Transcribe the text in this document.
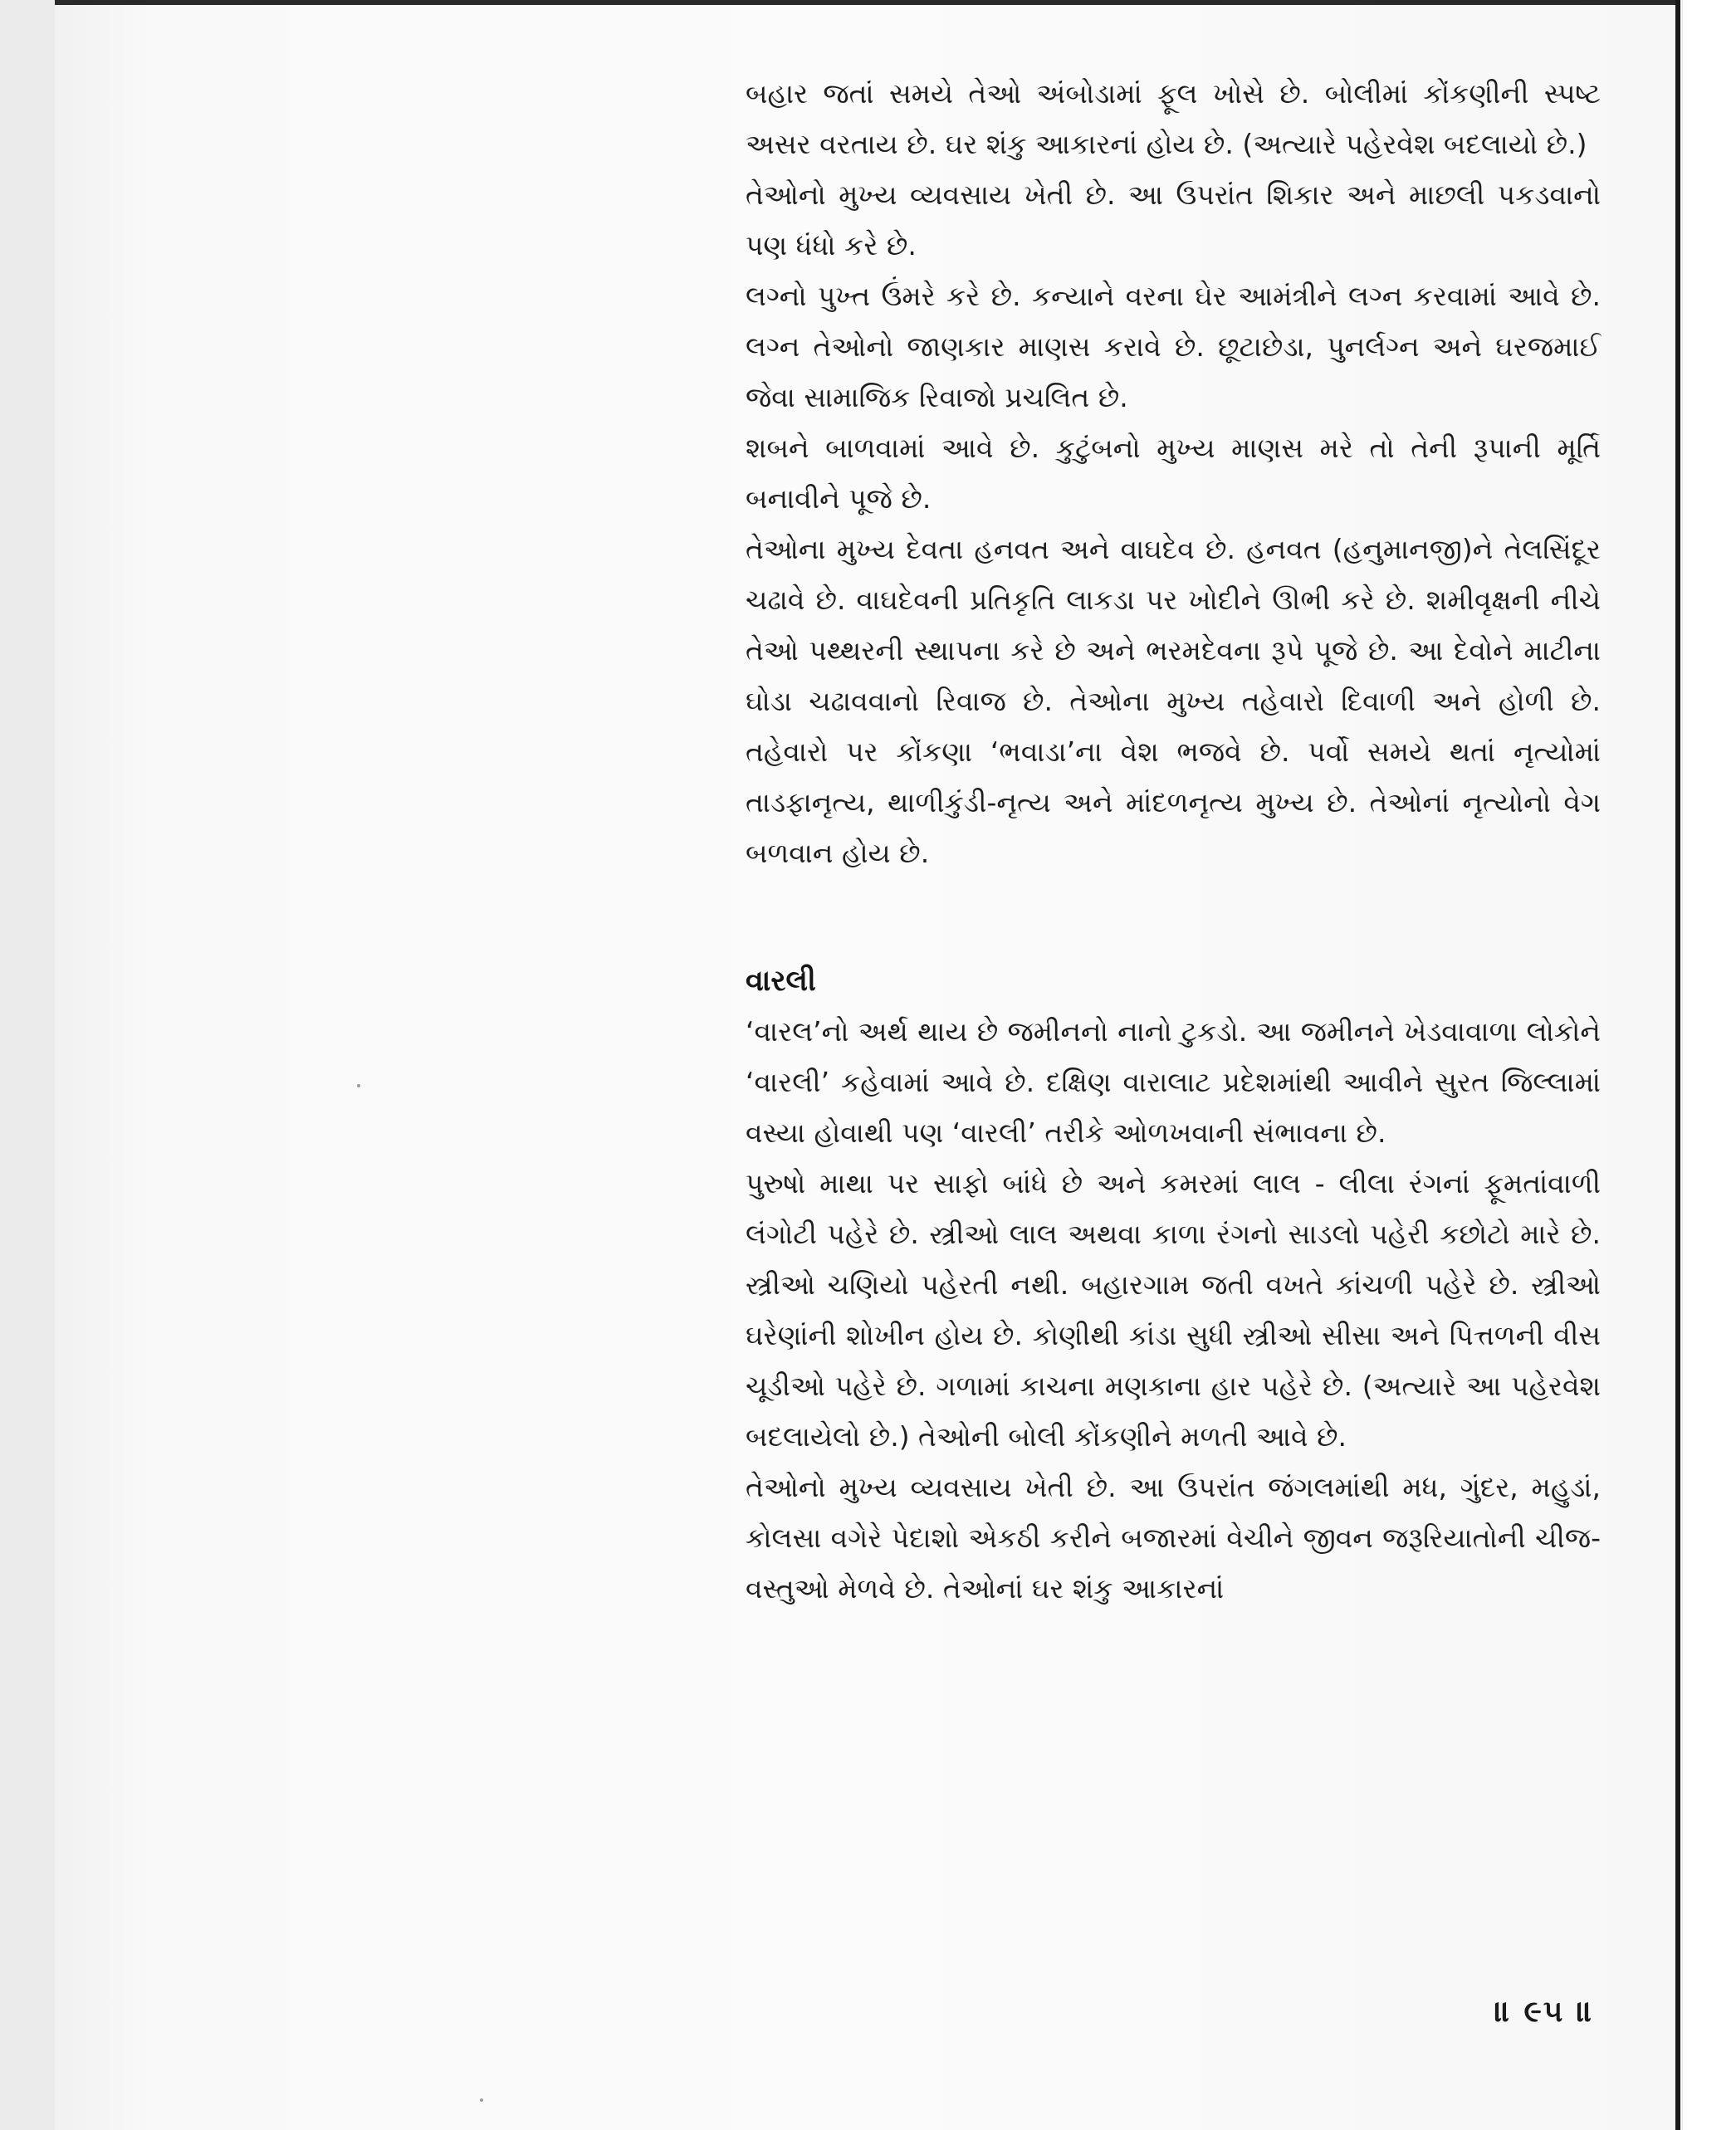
બહાર જતાં સમયે તેઓ અંબોડામાં ફૂલ ખોસે છે. બોલીમાં કોંકણીની સ્પષ્ટ અસર વરતાય છે. ઘર શંકુ આકારનાં હોય છે. (અત્યારે પહેરવેશ બદલાયો છે.)

તેઓનો મુખ્ય વ્યવસાય ખેતી છે. આ ઉપરાંત શિકાર અને માછલી પકડવાનો પણ ધંધો કરે છે.

લગ્નો પુખ્ત ઉંમરે કરે છે. કન્યાને વરના ઘેર આમંત્રીને લગ્ન કરવામાં આવે છે. લગ્ન તેઓનો જાણકાર માણસ કરાવે છે. છૂટાછેડા, પુનર્લગ્ન અને ઘરજમાઈ જેવા સામાજિક રિવાજો પ્રચલિત છે.

શબને બાળવામાં આવે છે. કુટુંબનો મુખ્ય માણસ મરે તો તેની રૂપાની મૂર્તિ બનાવીને પૂજે છે.

તેઓના મુખ્ય દેવતા હનવત અને વાઘદેવ છે. હનવત (હનુમાનજી)ને તેલસિંદૂર ચઢાવે છે. વાઘદેવની પ્રતિકૃતિ લાકડા પર ખોદીને ઊભી કરે છે. શમીવૃક્ષની નીચે તેઓ પથ્થરની સ્થાપના કરે છે અને ભરમદેવના રૂપે પૂજે છે. આ દેવોને માટીના ઘોડા ચઢાવવાનો રિવાજ છે. તેઓના મુખ્ય તહેવારો દિવાળી અને હોળી છે. તહેવારો પર કોંકણા ‘ભવાડા’ના વેશ ભજવે છે. પર્વો સમયે થતાં નૃત્યોમાં તાડફાનૃત્ય, થાળીકુંડી-નૃત્ય અને માંદળનૃત્ય મુખ્ય છે. તેઓનાં નૃત્યોનો વેગ બળવાન હોય છે.

વારલી

‘વારલ’નો અર્થ થાય છે જમીનનો નાનો ટુકડો. આ જમીનને ખેડવાવાળા લોકોને ‘વારલી’ કહેવામાં આવે છે. દક્ષિણ વારાલાટ પ્રદેશમાંથી આવીને સુરત જિલ્લામાં વસ્યા હોવાથી પણ ‘વારલી’ તરીકે ઓળખવાની સંભાવના છે.

પુરુષો માથા પર સાફો બાંધે છે અને કમરમાં લાલ - લીલા રંગનાં ફૂમતાંવાળી લંગોટી પહેરે છે. સ્ત્રીઓ લાલ અથવા કાળા રંગનો સાડલો પહેરી કછોટો મારે છે. સ્ત્રીઓ ચણિયો પહેરતી નથી. બહારગામ જતી વખતે કાંચળી પહેરે છે. સ્ત્રીઓ ઘરેણાંની શોખીન હોય છે. કોણીથી કાંડા સુધી સ્ત્રીઓ સીસા અને પિત્તળની વીસ ચૂડીઓ પહેરે છે. ગળામાં કાચના મણકાના હાર પહેરે છે. (અત્યારે આ પહેરવેશ બદલાયેલો છે.) તેઓની બોલી કોંકણીને મળતી આવે છે.

તેઓનો મુખ્ય વ્યવસાય ખેતી છે. આ ઉપરાંત જંગલમાંથી મધ, ગુંદર, મહુડાં, કોલસા વગેરે પેદાશો એકઠી કરીને બજારમાં વેચીને જીવન જરૂરિયાતોની ચીજ-વસ્તુઓ મેળવે છે. તેઓનાં ઘર શંકુ આકારનાં

॥ ૯૫ ॥
